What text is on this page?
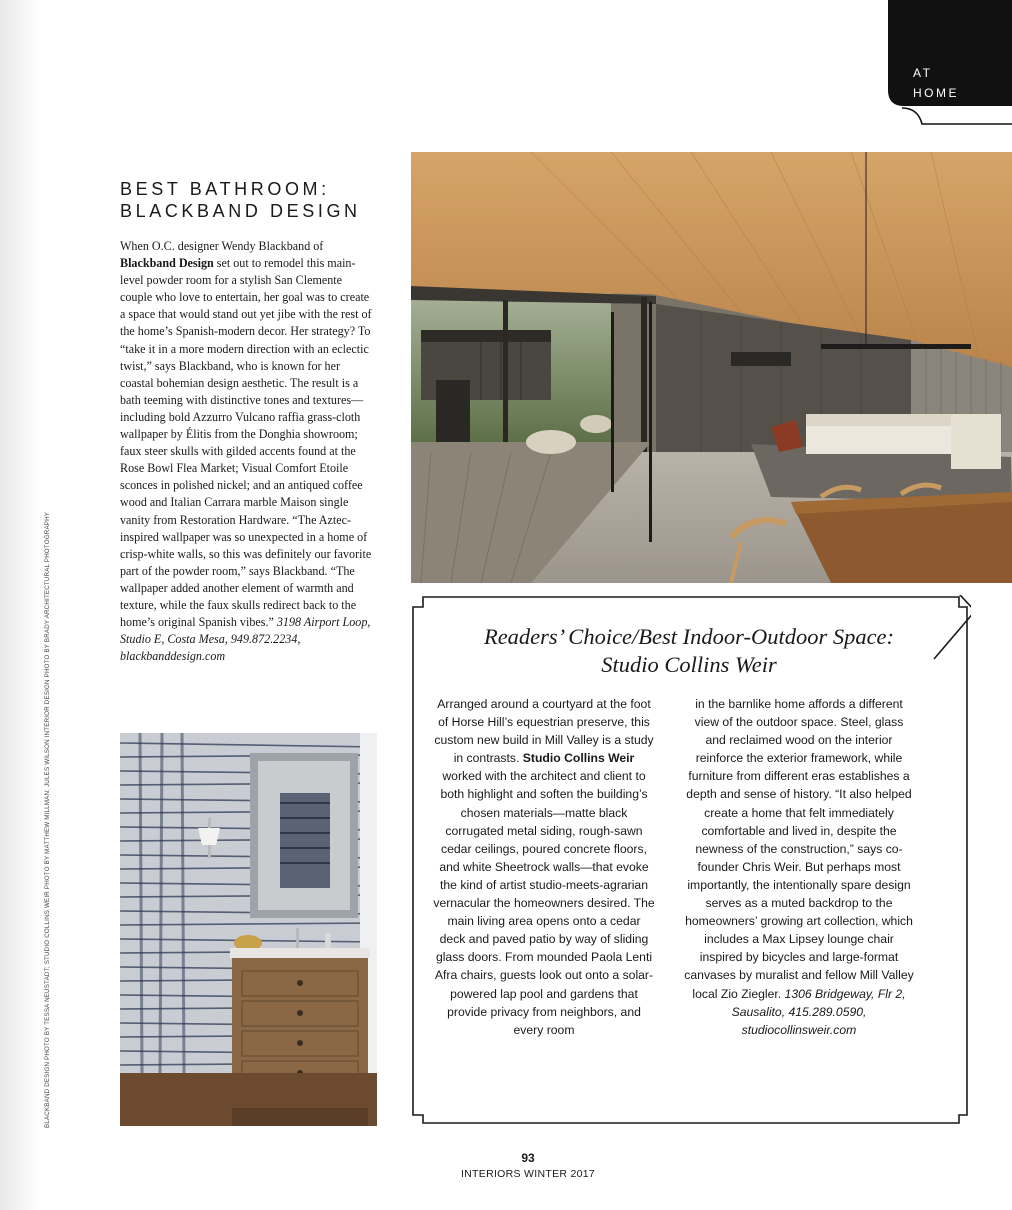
AT
HOME
BLACKBAND DESIGN PHOTO BY TESSA NEUSTADT; STUDIO COLLINS WEIR PHOTO BY MATTHEW MILLMAN; JULES WILSON INTERIOR DESIGN PHOTO BY BRADY ARCHITECTURAL PHOTOGRAPHY
BEST BATHROOM:
BLACKBAND DESIGN
When O.C. designer Wendy Blackband of Blackband Design set out to remodel this main-level powder room for a stylish San Clemente couple who love to entertain, her goal was to create a space that would stand out yet jibe with the rest of the home’s Spanish-modern decor. Her strategy? To “take it in a more modern direction with an eclectic twist,” says Blackband, who is known for her coastal bohemian design aesthetic. The result is a bath teeming with distinctive tones and textures—including bold Azzurro Vulcano raffia grass-cloth wallpaper by Élitis from the Donghia showroom; faux steer skulls with gilded accents found at the Rose Bowl Flea Market; Visual Comfort Etoile sconces in polished nickel; and an antiqued coffee wood and Italian Carrara marble Maison single vanity from Restoration Hardware. “The Aztec-inspired wallpaper was so unexpected in a home of crisp-white walls, so this was definitely our favorite part of the powder room,” says Blackband. “The wallpaper added another element of warmth and texture, while the faux skulls redirect back to the home’s original Spanish vibes.” 3198 Airport Loop, Studio E, Costa Mesa, 949.872.2234, blackbanddesign.com
Readers’ Choice/Best Indoor-Outdoor Space:
Studio Collins Weir
Arranged around a courtyard at the foot of Horse Hill’s equestrian preserve, this custom new build in Mill Valley is a study in contrasts. Studio Collins Weir worked with the architect and client to both highlight and soften the building’s chosen materials—matte black corrugated metal siding, rough-sawn cedar ceilings, poured concrete floors, and white Sheetrock walls—that evoke the kind of artist studio-meets-agrarian vernacular the homeowners desired. The main living area opens onto a cedar deck and paved patio by way of sliding glass doors. From mounded Paola Lenti Afra chairs, guests look out onto a solar-powered lap pool and gardens that provide privacy from neighbors, and every room
in the barnlike home affords a different view of the outdoor space. Steel, glass and reclaimed wood on the interior reinforce the exterior framework, while furniture from different eras establishes a depth and sense of history. “It also helped create a home that felt immediately comfortable and lived in, despite the newness of the construction,” says co-founder Chris Weir. But perhaps most importantly, the intentionally spare design serves as a muted backdrop to the homeowners’ growing art collection, which includes a Max Lipsey lounge chair inspired by bicycles and large-format canvases by muralist and fellow Mill Valley local Zio Ziegler. 1306 Bridgeway, Flr 2, Sausalito, 415.289.0590, studiocollinsweir.com
93
INTERIORS WINTER 2017
